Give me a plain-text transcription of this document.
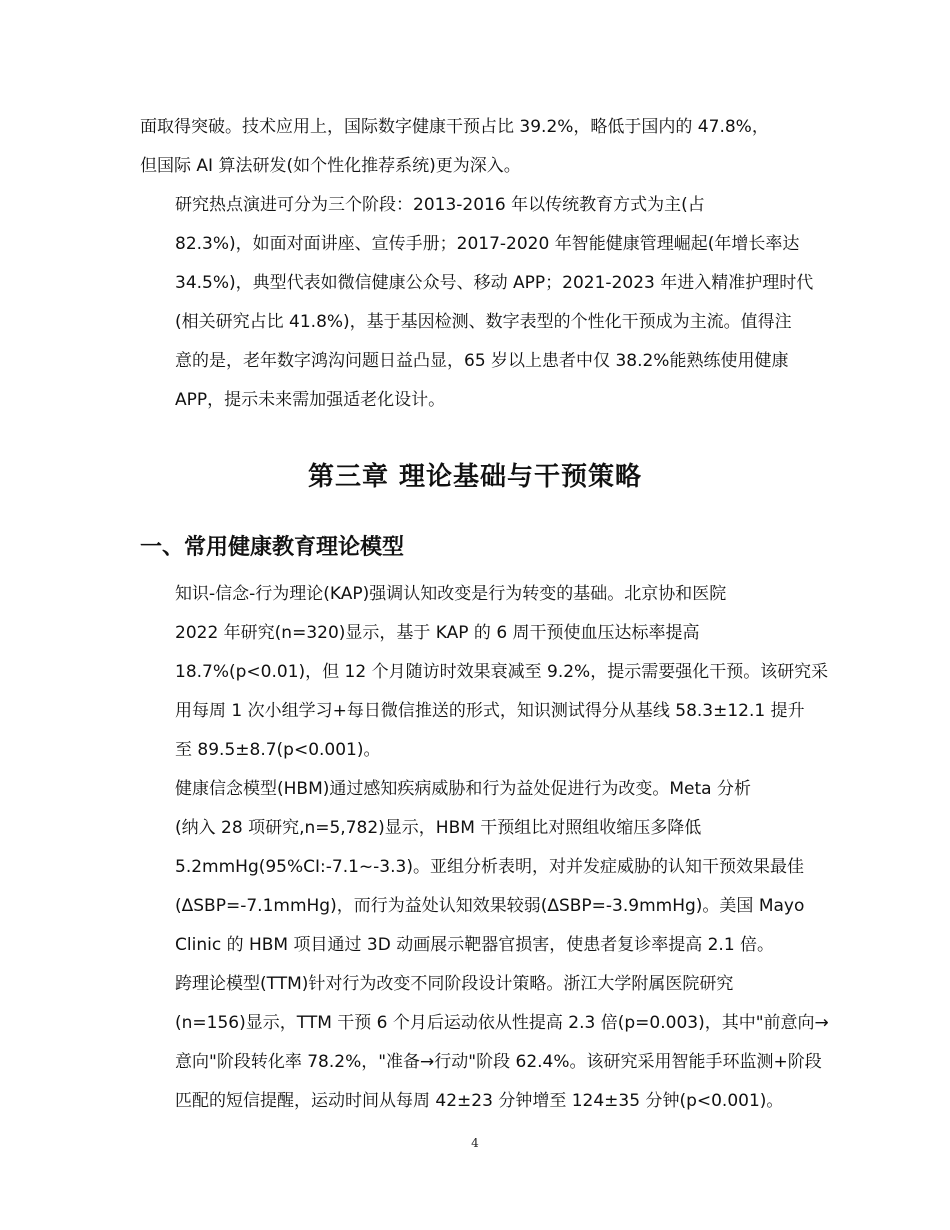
面取得突破。技术应用上，国际数字健康干预占比 39.2%，略低于国内的 47.8%，
但国际 AI 算法研发(如个性化推荐系统)更为深入。

研究热点演进可分为三个阶段：2013-2016 年以传统教育方式为主(占
82.3%)，如面对面讲座、宣传手册；2017-2020 年智能健康管理崛起(年增长率达
34.5%)，典型代表如微信健康公众号、移动 APP；2021-2023 年进入精准护理时代
(相关研究占比 41.8%)，基于基因检测、数字表型的个性化干预成为主流。值得注
意的是，老年数字鸿沟问题日益凸显，65 岁以上患者中仅 38.2%能熟练使用健康
APP，提示未来需加强适老化设计。

第三章 理论基础与干预策略
一、常用健康教育理论模型

知识-信念-行为理论(KAP)强调认知改变是行为转变的基础。北京协和医院
2022 年研究(n=320)显示，基于 KAP 的 6 周干预使血压达标率提高
18.7%(p<0.01)，但 12 个月随访时效果衰减至 9.2%，提示需要强化干预。该研究采
用每周 1 次小组学习+每日微信推送的形式，知识测试得分从基线 58.3±12.1 提升
至 89.5±8.7(p<0.001)。

健康信念模型(HBM)通过感知疾病威胁和行为益处促进行为改变。Meta 分析
(纳入 28 项研究,n=5,782)显示，HBM 干预组比对照组收缩压多降低
5.2mmHg(95%CI:-7.1~-3.3)。亚组分析表明，对并发症威胁的认知干预效果最佳
(ΔSBP=-7.1mmHg)，而行为益处认知效果较弱(ΔSBP=-3.9mmHg)。美国 Mayo
Clinic 的 HBM 项目通过 3D 动画展示靶器官损害，使患者复诊率提高 2.1 倍。

跨理论模型(TTM)针对行为改变不同阶段设计策略。浙江大学附属医院研究
(n=156)显示，TTM 干预 6 个月后运动依从性提高 2.3 倍(p=0.003)，其中"前意向→
意向"阶段转化率 78.2%，"准备→行动"阶段 62.4%。该研究采用智能手环监测+阶段
匹配的短信提醒，运动时间从每周 42±23 分钟增至 124±35 分钟(p<0.001)。

4
